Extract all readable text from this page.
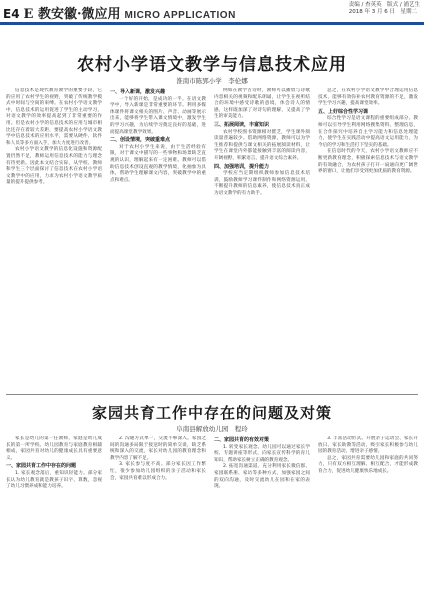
E4 E 教安徽·微应用 MICRO APPLICATION
责编 / 查英英　版式 / 浦艺生
2018 年 3 月 6 日　星期二
农村小学语文教学与信息技术应用
淮南市陈郢小学　李伦娜

信息技术是现代教育教学的重要手段，它的应用了农村学生的视野，突破了传统教学模式中时间与空间的束缚。在农村小学语文教学中，信息技术的运用促进了学生的主动学习，对语文教学的效率提高起到了非常重要的作用。但是农村小学的信息技术的应用与城市相比还存在着较大差距，要提高农村小学语文教学中信息技术的应用水平，需要从硬件、软件和人员等多方面入手，加大力度进行改善。

农村小学语文教学的信息化设施和资源配置仍然不足，教师运用信息技术的能力与理念有待更新。因此本文结合实际，从学校、教师和学生三个层面探讨了信息技术在农村小学语文教学中的应用，力求为农村小学语文教学质量的提升提供参考。

一、导入新课，激发兴趣

一个好的开始，是成功的一半。在语文教学中，导入新课是非常重要的环节。利用多媒体课件将课文相关的图片、声音、动画等展示出来，能够将学生带入课文情境中，激发学生的学习兴趣，为后续学习奠定良好的基础，进而提高课堂教学效果。

二、创设情境，突破重难点

对于农村小学生来说，由于生活经验有限，对于课文中描写的一些事物和场景缺乏直观的认识，理解起来有一定困难。教师可以借助信息技术创设直观的教学情境，化抽象为具体，帮助学生理解课文内容，突破教学中的重点和难点。

例如在教学古诗时，教师可以播放与诗歌内容相关的视频和配乐朗诵，让学生在视听结合的环境中感受诗歌的意境，体会诗人的情感，这样既加深了对诗句的理解，又提高了学生的审美能力。

三、拓展阅读，丰富知识

农村学校图书资源相对匮乏，学生课外阅读量普遍较少。借助网络资源，教师可以为学生推荐和提供与课文相关的拓展阅读材料，让学生在课堂内外都能接触到丰富的阅读内容，开阔视野，积累语言，提升语文综合素养。

四、加强培训，提升能力

学校应当定期组织教师参加信息技术培训，鼓励教师学习课件制作和网络资源运用，不断提升教师的信息素养，使信息技术真正成为语文教学的有力助手。

总之，在农村小学语文教学中合理运用信息技术，能够有效弥补农村教育资源的不足，激发学生学习兴趣，提高课堂效率。

五、上好综合性学习课

综合性学习是语文课程的重要组成部分，教师可以引导学生利用网络搜集资料、整理信息，在合作探究中培养自主学习能力和信息处理能力，使学生在实践活动中提高语文运用能力，为今后的学习和生活打下坚实的基础。

在信息时代的今天，农村小学语文教师应不断更新教育理念，积极探索信息技术与语文教学的有效融合，为农村孩子打开一扇通向更广阔世界的窗口，让他们享受到更加优质的教育资源。

家园共育工作中存在的问题及对策
阜南县解放幼儿园　程玲

家长是幼儿的第一任教师，家庭是幼儿成长的第一所学校。幼儿园教育与家庭教育相辅相成，家园共育对幼儿的健康成长具有重要意义。

一、家园共育工作中存在的问题

1. 家长观念落后，重知识轻能力。部分家长认为幼儿教育就是教孩子识字、算数，忽视了幼儿习惯养成和能力培养。

2. 沟通方式单一，交流不够深入。家园之间的沟通多局限于接送时的简单交谈，缺乏系统和深入的交流，家长对幼儿园的教育理念和教学内容了解不足。

3. 家长参与度不高。部分家长因工作繁忙，很少参加幼儿园组织的亲子活动和家长会，家园共育难以形成合力。

二、家园共育的有效对策

1. 转变家长观念。幼儿园可以通过家长学校、专题讲座等形式，向家长宣传科学的育儿知识，帮助家长树立正确的教育观念。

2. 拓宽沟通渠道。充分利用家长微信群、家园联系册、家访等多种方式，加强家园之间的双向沟通，及时交流幼儿在园和在家的表现。

3. 丰富活动形式。开展亲子运动会、家长开放日、家长助教等活动，吸引家长积极参与幼儿园的教育活动，增进亲子感情。

总之，家园共育需要幼儿园和家庭的共同努力，只有双方相互理解、相互配合，才能形成教育合力，促进幼儿健康快乐地成长。
